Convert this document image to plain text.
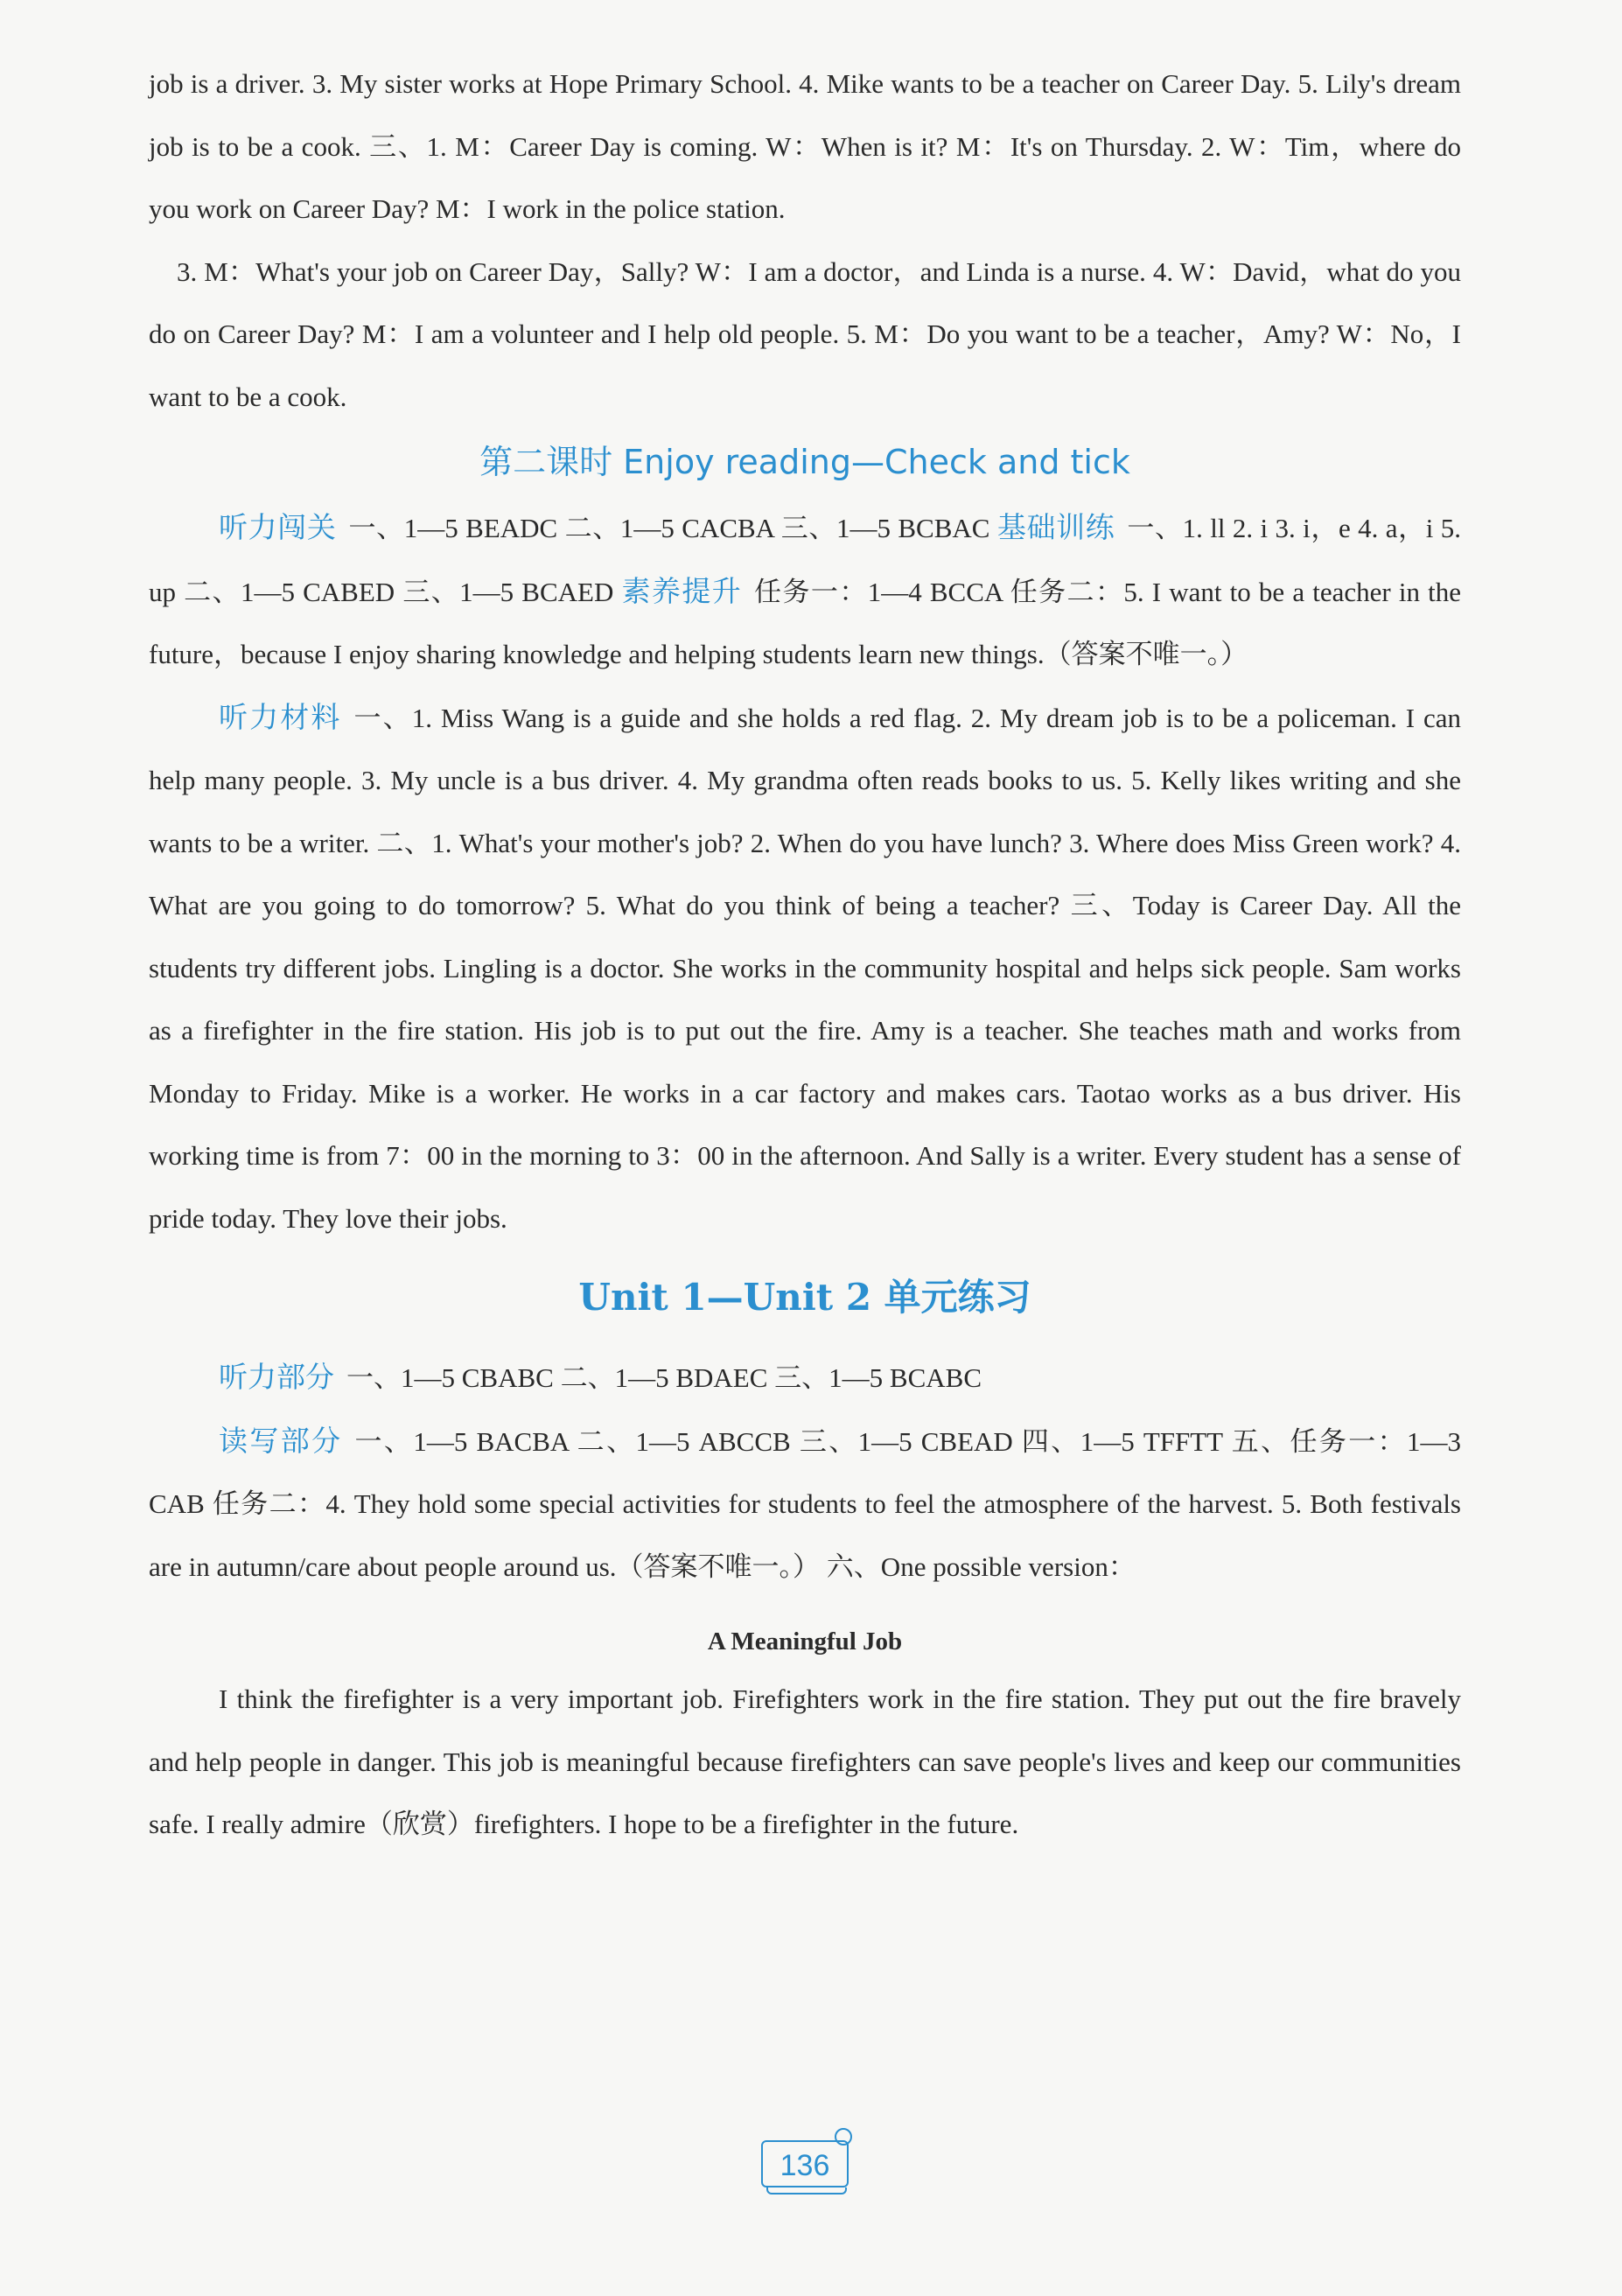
job is a driver. 3. My sister works at Hope Primary School. 4. Mike wants to be a teacher on Career Day. 5. Lily's dream job is to be a cook. 三、1. M：Career Day is coming. W：When is it? M：It's on Thursday. 2. W：Tim，where do you work on Career Day? M：I work in the police station.

3. M：What's your job on Career Day，Sally? W：I am a doctor，and Linda is a nurse. 4. W：David，what do you do on Career Day? M：I am a volunteer and I help old people. 5. M：Do you want to be a teacher，Amy? W：No，I want to be a cook.

第二课时 Enjoy reading—Check and tick

听力闯关 一、1—5 BEADC 二、1—5 CACBA 三、1—5 BCBAC 基础训练 一、1. ll 2. i 3. i，e 4. a，i 5. up 二、1—5 CABED 三、1—5 BCAED 素养提升 任务一：1—4 BCCA 任务二：5. I want to be a teacher in the future，because I enjoy sharing knowledge and helping students learn new things.（答案不唯一。）

听力材料 一、1. Miss Wang is a guide and she holds a red flag. 2. My dream job is to be a policeman. I can help many people. 3. My uncle is a bus driver. 4. My grandma often reads books to us. 5. Kelly likes writing and she wants to be a writer. 二、1. What's your mother's job? 2. When do you have lunch? 3. Where does Miss Green work? 4. What are you going to do tomorrow? 5. What do you think of being a teacher? 三、Today is Career Day. All the students try different jobs. Lingling is a doctor. She works in the community hospital and helps sick people. Sam works as a firefighter in the fire station. His job is to put out the fire. Amy is a teacher. She teaches math and works from Monday to Friday. Mike is a worker. He works in a car factory and makes cars. Taotao works as a bus driver. His working time is from 7：00 in the morning to 3：00 in the afternoon. And Sally is a writer. Every student has a sense of pride today. They love their jobs.

Unit 1—Unit 2 单元练习

听力部分 一、1—5 CBABC 二、1—5 BDAEC 三、1—5 BCABC

读写部分 一、1—5 BACBA 二、1—5 ABCCB 三、1—5 CBEAD 四、1—5 TFFTT 五、任务一：1—3 CAB 任务二：4. They hold some special activities for students to feel the atmosphere of the harvest. 5. Both festivals are in autumn/care about people around us.（答案不唯一。） 六、One possible version：

A Meaningful Job

I think the firefighter is a very important job. Firefighters work in the fire station. They put out the fire bravely and help people in danger. This job is meaningful because firefighters can save people's lives and keep our communities safe. I really admire（欣赏）firefighters. I hope to be a firefighter in the future.

136
